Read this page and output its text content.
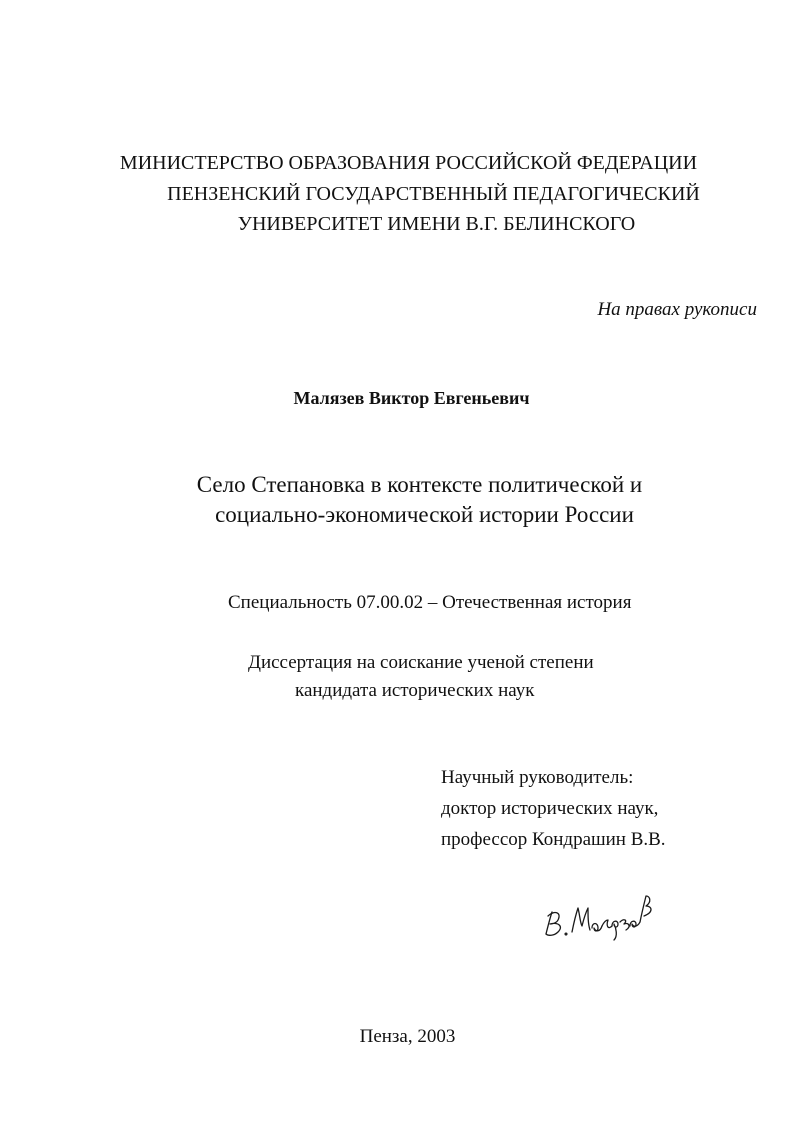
МИНИСТЕРСТВО ОБРАЗОВАНИЯ РОССИЙСКОЙ ФЕДЕРАЦИИ
ПЕНЗЕНСКИЙ ГОСУДАРСТВЕННЫЙ ПЕДАГОГИЧЕСКИЙ
УНИВЕРСИТЕТ ИМЕНИ В.Г. БЕЛИНСКОГО
На правах рукописи
Малязев Виктор Евгеньевич
Село Степановка в контексте политической и
социально-экономической истории России
Специальность 07.00.02 – Отечественная история
Диссертация на соискание ученой степени
кандидата исторических наук
Научный руководитель:
доктор исторических наук,
профессор Кондрашин В.В.
Пенза, 2003
